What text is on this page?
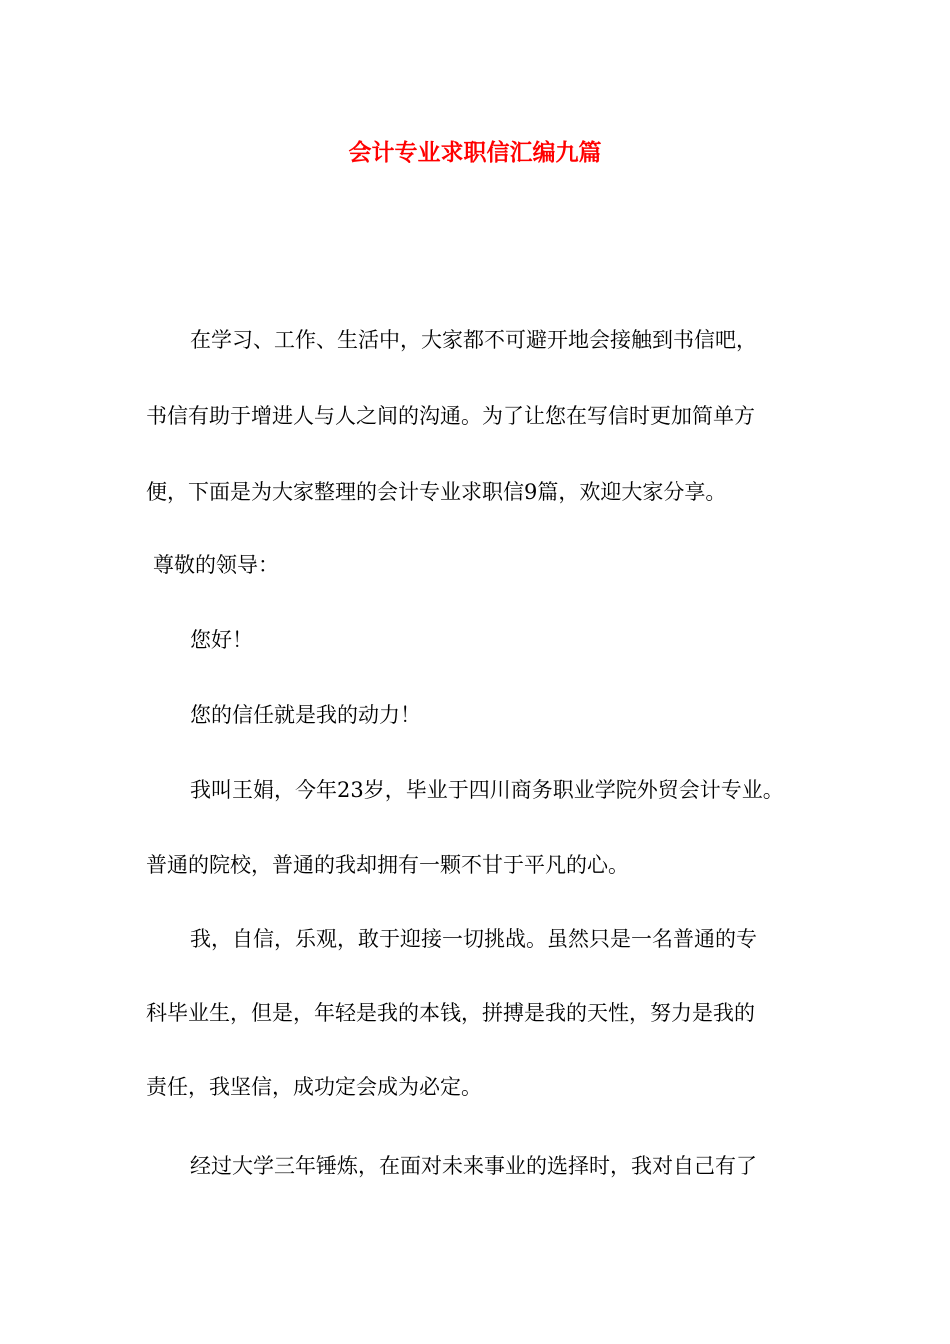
会计专业求职信汇编九篇

在学习、工作、生活中，大家都不可避开地会接触到书信吧，

书信有助于增进人与人之间的沟通。为了让您在写信时更加简单方

便，下面是为大家整理的会计专业求职信9篇，欢迎大家分享。

尊敬的领导：

您好！

您的信任就是我的动力！

我叫王娟，今年23岁，毕业于四川商务职业学院外贸会计专业。

普通的院校，普通的我却拥有一颗不甘于平凡的心。

我，自信，乐观，敢于迎接一切挑战。虽然只是一名普通的专

科毕业生，但是，年轻是我的本钱，拼搏是我的天性，努力是我的

责任，我坚信，成功定会成为必定。

经过大学三年锤炼，在面对未来事业的选择时，我对自己有了
